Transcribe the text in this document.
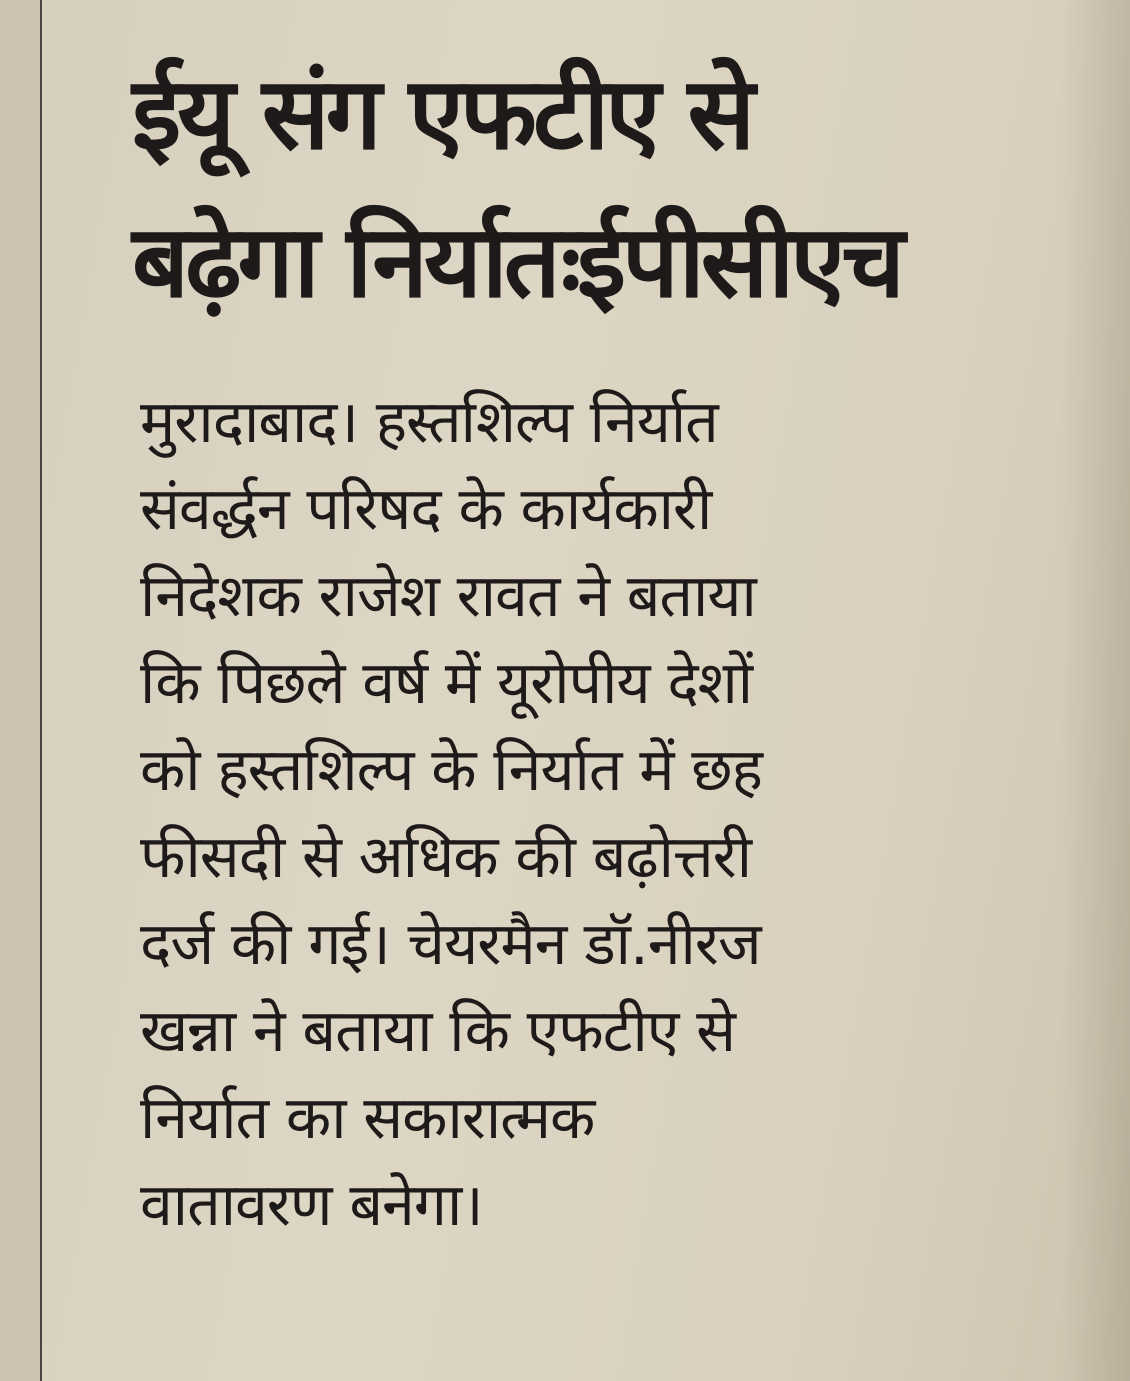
ईयू संग एफटीए से
बढ़ेगा निर्यातःईपीसीएच

मुरादाबाद। हस्तशिल्प निर्यात
संवर्द्धन परिषद के कार्यकारी
निदेशक राजेश रावत ने बताया
कि पिछले वर्ष में यूरोपीय देशों
को हस्तशिल्प के निर्यात में छह
फीसदी से अधिक की बढ़ोत्तरी
दर्ज की गई। चेयरमैन डॉ.नीरज
खन्ना ने बताया कि एफटीए से
निर्यात का सकारात्मक
वातावरण बनेगा।
